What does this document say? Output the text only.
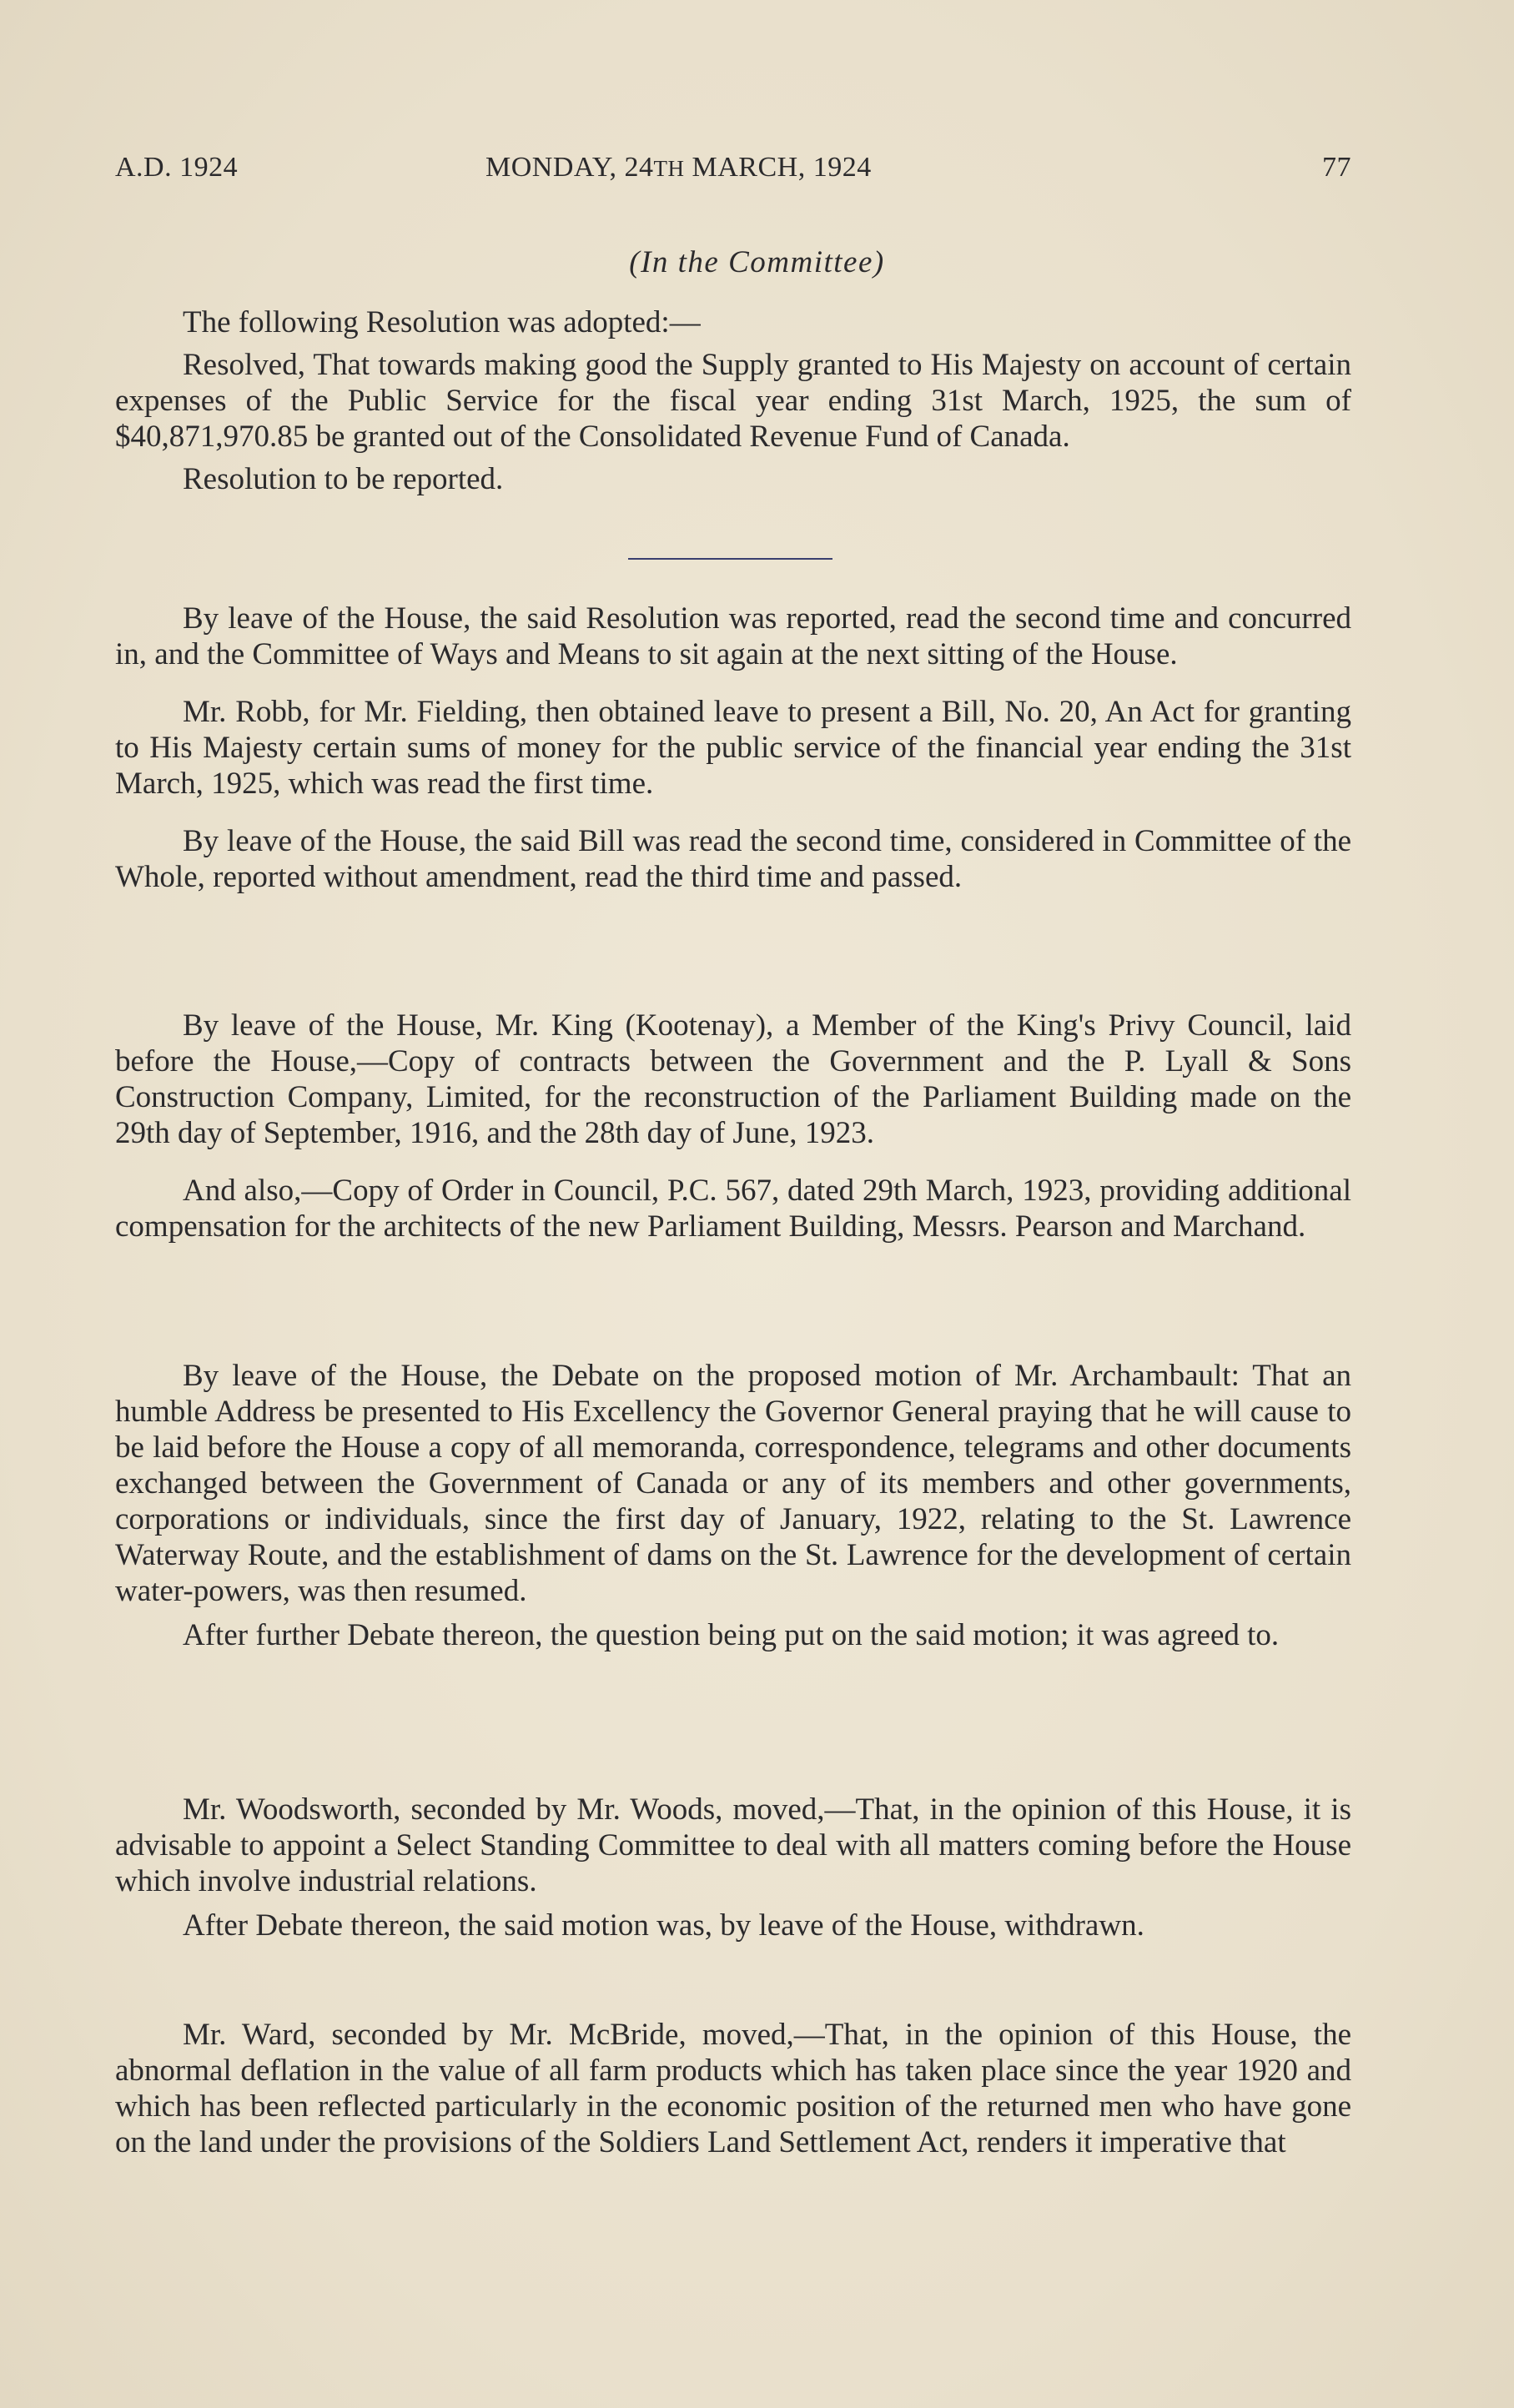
A.D. 1924	MONDAY, 24TH MARCH, 1924	77
(In the Committee)

The following Resolution was adopted:—

Resolved, That towards making good the Supply granted to His Majesty on account of certain expenses of the Public Service for the fiscal year ending 31st March, 1925, the sum of $40,871,970.85 be granted out of the Consolidated Revenue Fund of Canada.

Resolution to be reported.

By leave of the House, the said Resolution was reported, read the second time and concurred in, and the Committee of Ways and Means to sit again at the next sitting of the House.

Mr. Robb, for Mr. Fielding, then obtained leave to present a Bill, No. 20, An Act for granting to His Majesty certain sums of money for the public service of the financial year ending the 31st March, 1925, which was read the first time.

By leave of the House, the said Bill was read the second time, considered in Committee of the Whole, reported without amendment, read the third time and passed.

By leave of the House, Mr. King (Kootenay), a Member of the King's Privy Council, laid before the House,—Copy of contracts between the Government and the P. Lyall & Sons Construction Company, Limited, for the reconstruction of the Parliament Building made on the 29th day of September, 1916, and the 28th day of June, 1923.

And also,—Copy of Order in Council, P.C. 567, dated 29th March, 1923, providing additional compensation for the architects of the new Parliament Building, Messrs. Pearson and Marchand.

By leave of the House, the Debate on the proposed motion of Mr. Archambault: That an humble Address be presented to His Excellency the Governor General praying that he will cause to be laid before the House a copy of all memoranda, correspondence, telegrams and other documents exchanged between the Government of Canada or any of its members and other governments, corporations or individuals, since the first day of January, 1922, relating to the St. Lawrence Waterway Route, and the establishment of dams on the St. Lawrence for the development of certain water-powers, was then resumed.

After further Debate thereon, the question being put on the said motion; it was agreed to.

Mr. Woodsworth, seconded by Mr. Woods, moved,—That, in the opinion of this House, it is advisable to appoint a Select Standing Committee to deal with all matters coming before the House which involve industrial relations.

After Debate thereon, the said motion was, by leave of the House, withdrawn.

Mr. Ward, seconded by Mr. McBride, moved,—That, in the opinion of this House, the abnormal deflation in the value of all farm products which has taken place since the year 1920 and which has been reflected particularly in the economic position of the returned men who have gone on the land under the provisions of the Soldiers Land Settlement Act, renders it imperative that
